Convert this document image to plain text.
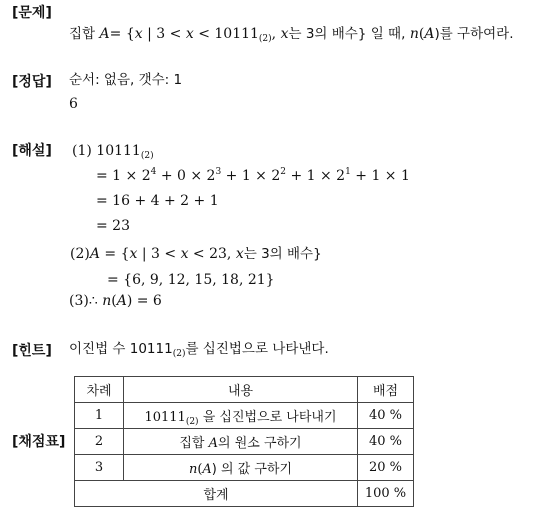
[문제]
[정답]
[해설]
[힌트]
[채점표]
집합 A= {x | $3 < x < 10111_{(2)}$, x는 3의 배수} 일 때, n(A)를 구하여라.
순서: 없음, 갯수: 1
6
(1) $10111_{(2)}$
= $1 \times 2^4 + 0 \times 2^3 + 1 \times 2^2 + 1 \times 2^1 + 1 \times 1$
= 16 + 4 + 2 + 1
= 23
(2)A = {x | 3 < x < 23, x는 3의 배수}
= {6, 9, 12, 15, 18, 21}
(3)∴ n(A) = 6
이진법 수 $10111_{(2)}$를 십진법으로 나타낸다.
차례	내용	배점
1	$10111_{(2)}$ 을 십진법으로 나타내기	40 %
2	집합 A의 원소 구하기	40 %
3	n(A) 의 값 구하기	20 %
합계		100 %
